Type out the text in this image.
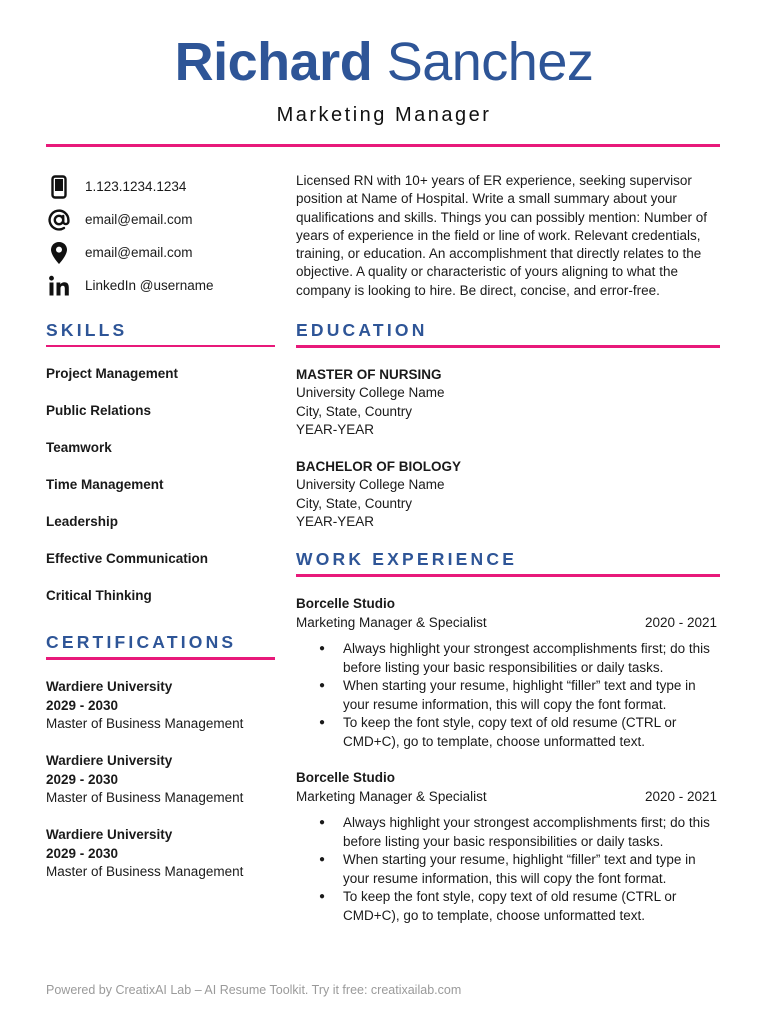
Richard Sanchez
Marketing Manager
1.123.1234.1234
email@email.com
email@email.com
LinkedIn @username
Licensed RN with 10+ years of ER experience, seeking supervisor position at Name of Hospital. Write a small summary about your qualifications and skills. Things you can possibly mention: Number of years of experience in the field or line of work. Relevant credentials, training, or education. An accomplishment that directly relates to the objective. A quality or characteristic of yours aligning to what the company is looking to hire. Be direct, concise, and error-free.
SKILLS
Project Management
Public Relations
Teamwork
Time Management
Leadership
Effective Communication
Critical Thinking
CERTIFICATIONS
Wardiere University
2029 - 2030
Master of Business Management
Wardiere University
2029 - 2030
Master of Business Management
Wardiere University
2029 - 2030
Master of Business Management
EDUCATION
MASTER OF NURSING
University College Name
City, State, Country
YEAR-YEAR
BACHELOR OF BIOLOGY
University College Name
City, State, Country
YEAR-YEAR
WORK EXPERIENCE
Borcelle Studio
Marketing Manager & Specialist	2020 - 2021
● Always highlight your strongest accomplishments first; do this before listing your basic responsibilities or daily tasks.
● When starting your resume, highlight “filler” text and type in your resume information, this will copy the font format.
● To keep the font style, copy text of old resume (CTRL or CMD+C), go to template, choose unformatted text.
Borcelle Studio
Marketing Manager & Specialist	2020 - 2021
● Always highlight your strongest accomplishments first; do this before listing your basic responsibilities or daily tasks.
● When starting your resume, highlight “filler” text and type in your resume information, this will copy the font format.
● To keep the font style, copy text of old resume (CTRL or CMD+C), go to template, choose unformatted text.
Powered by CreatixAI Lab – AI Resume Toolkit. Try it free: creatixailab.com
